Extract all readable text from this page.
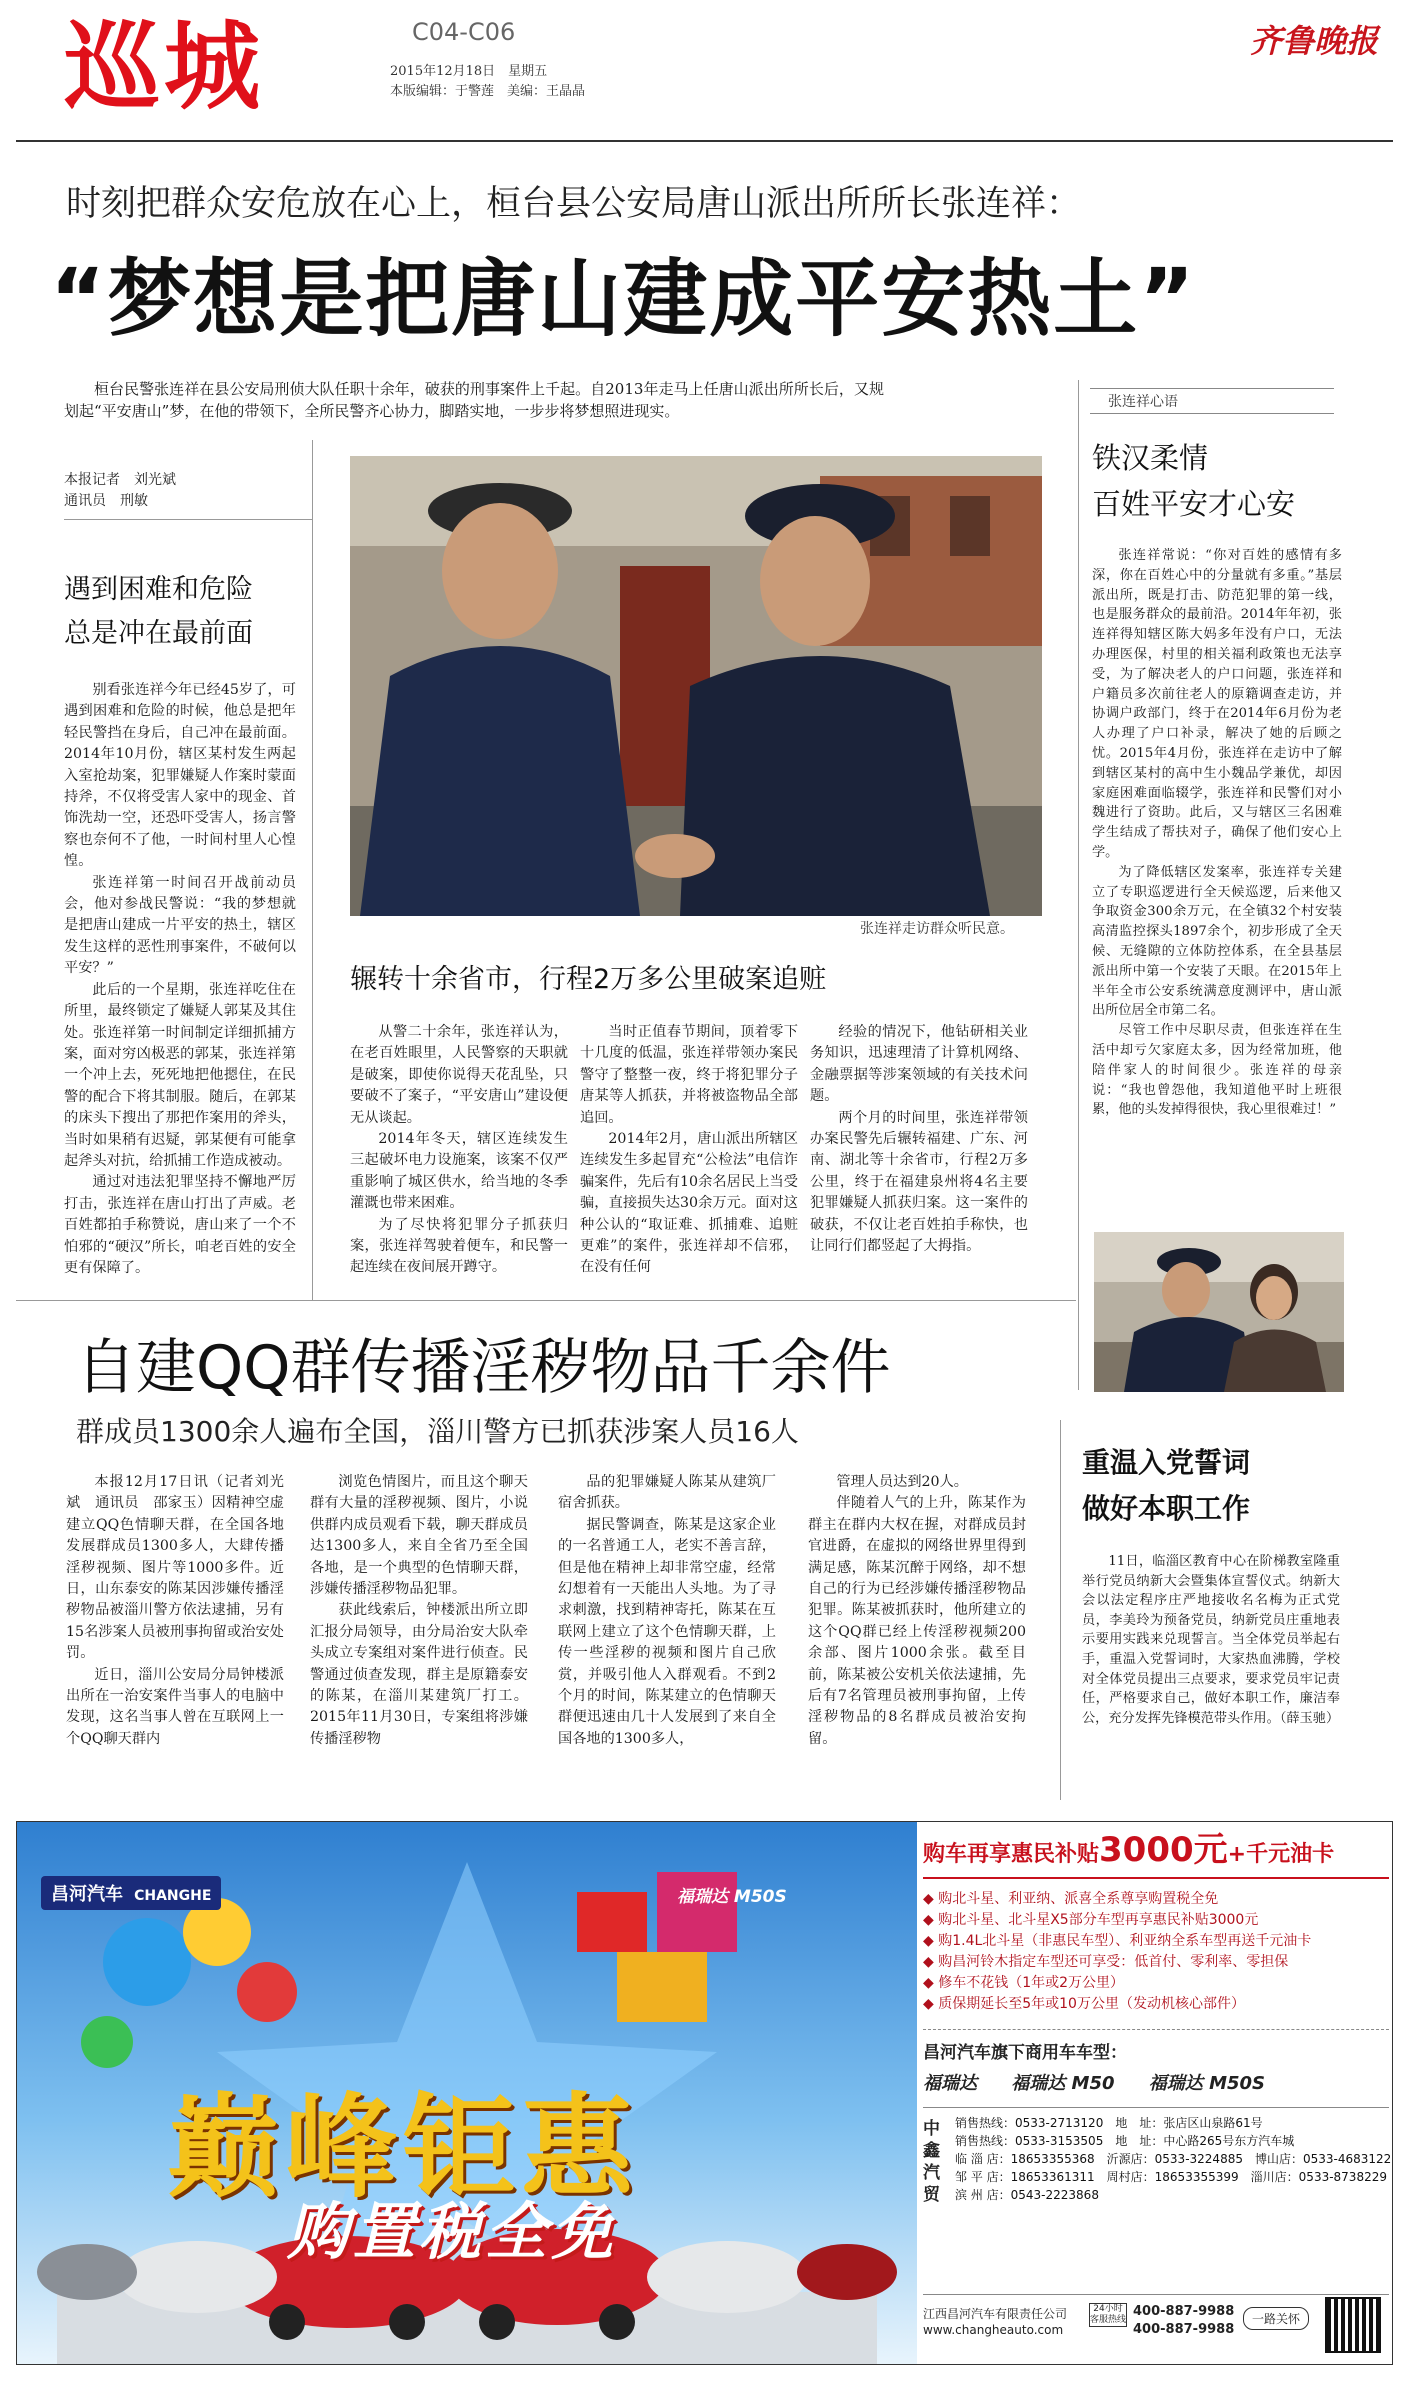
巡城	C04-C06
2015年12月18日　星期五
本版编辑：于警莲　美编：王晶晶
齐鲁晚报
时刻把群众安危放在心上，桓台县公安局唐山派出所所长张连祥：
“梦想是把唐山建成平安热土”
桓台民警张连祥在县公安局刑侦大队任职十余年，破获的刑事案件上千起。自2013年走马上任唐山派出所所长后，又规划起“平安唐山”梦，在他的带领下，全所民警齐心协力，脚踏实地，一步步将梦想照进现实。
本报记者　刘光斌
通讯员　刑敏
遇到困难和危险
总是冲在最前面

别看张连祥今年已经45岁了，可遇到困难和危险的时候，他总是把年轻民警挡在身后，自己冲在最前面。2014年10月份，辖区某村发生两起入室抢劫案，犯罪嫌疑人作案时蒙面持斧，不仅将受害人家中的现金、首饰洗劫一空，还恐吓受害人，扬言警察也奈何不了他，一时间村里人心惶惶。

张连祥第一时间召开战前动员会，他对参战民警说：“我的梦想就是把唐山建成一片平安的热土，辖区发生这样的恶性刑事案件，不破何以平安？”

此后的一个星期，张连祥吃住在所里，最终锁定了嫌疑人郭某及其住处。张连祥第一时间制定详细抓捕方案，面对穷凶极恶的郭某，张连祥第一个冲上去，死死地把他摁住，在民警的配合下将其制服。随后，在郭某的床头下搜出了那把作案用的斧头，当时如果稍有迟疑，郭某便有可能拿起斧头对抗，给抓捕工作造成被动。

通过对违法犯罪坚持不懈地严厉打击，张连祥在唐山打出了声威。老百姓都拍手称赞说，唐山来了一个不怕邪的“硬汉”所长，咱老百姓的安全更有保障了。

张连祥走访群众听民意。
辗转十余省市，行程2万多公里破案追赃

从警二十余年，张连祥认为，在老百姓眼里，人民警察的天职就是破案，即使你说得天花乱坠，只要破不了案子，“平安唐山”建设便无从谈起。

2014年冬天，辖区连续发生三起破坏电力设施案，该案不仅严重影响了城区供水，给当地的冬季灌溉也带来困难。

为了尽快将犯罪分子抓获归案，张连祥驾驶着便车，和民警一起连续在夜间展开蹲守。

当时正值春节期间，顶着零下十几度的低温，张连祥带领办案民警守了整整一夜，终于将犯罪分子唐某等人抓获，并将被盗物品全部追回。

2014年2月，唐山派出所辖区连续发生多起冒充“公检法”电信诈骗案件，先后有10余名居民上当受骗，直接损失达30余万元。面对这种公认的“取证难、抓捕难、追赃更难”的案件，张连祥却不信邪，在没有任何

经验的情况下，他钻研相关业务知识，迅速理清了计算机网络、金融票据等涉案领域的有关技术问题。

两个月的时间里，张连祥带领办案民警先后辗转福建、广东、河南、湖北等十余省市，行程2万多公里，终于在福建泉州将4名主要犯罪嫌疑人抓获归案。这一案件的破获，不仅让老百姓拍手称快，也让同行们都竖起了大拇指。

张连祥心语
铁汉柔情
百姓平安才心安

张连祥常说：“你对百姓的感情有多深，你在百姓心中的分量就有多重。”基层派出所，既是打击、防范犯罪的第一线，也是服务群众的最前沿。2014年年初，张连祥得知辖区陈大妈多年没有户口，无法办理医保，村里的相关福利政策也无法享受，为了解决老人的户口问题，张连祥和户籍员多次前往老人的原籍调查走访，并协调户政部门，终于在2014年6月份为老人办理了户口补录，解决了她的后顾之忧。2015年4月份，张连祥在走访中了解到辖区某村的高中生小魏品学兼优，却因家庭困难面临辍学，张连祥和民警们对小魏进行了资助。此后，又与辖区三名困难学生结成了帮扶对子，确保了他们安心上学。

为了降低辖区发案率，张连祥专关建立了专职巡逻进行全天候巡逻，后来他又争取资金300余万元，在全镇32个村安装高清监控探头1897余个，初步形成了全天候、无缝隙的立体防控体系，在全县基层派出所中第一个安装了天眼。在2015年上半年全市公安系统满意度测评中，唐山派出所位居全市第二名。

尽管工作中尽职尽责，但张连祥在生活中却亏欠家庭太多，因为经常加班，他陪伴家人的时间很少。张连祥的母亲说：“我也曾怨他，我知道他平时上班很累，他的头发掉得很快，我心里很难过！”

自建QQ群传播淫秽物品千余件
群成员1300余人遍布全国，淄川警方已抓获涉案人员16人

本报12月17日讯（记者刘光斌　通讯员　邵家玉）因精神空虚建立QQ色情聊天群，在全国各地发展群成员1300多人，大肆传播淫秽视频、图片等1000多件。近日，山东泰安的陈某因涉嫌传播淫秽物品被淄川警方依法逮捕，另有15名涉案人员被刑事拘留或治安处罚。

近日，淄川公安局分局钟楼派出所在一治安案件当事人的电脑中发现，这名当事人曾在互联网上一个QQ聊天群内

浏览色情图片，而且这个聊天群有大量的淫秽视频、图片，小说供群内成员观看下载，聊天群成员达1300多人，来自全省乃至全国各地，是一个典型的色情聊天群，涉嫌传播淫秽物品犯罪。

获此线索后，钟楼派出所立即汇报分局领导，由分局治安大队牵头成立专案组对案件进行侦查。民警通过侦查发现，群主是原籍泰安的陈某，在淄川某建筑厂打工。2015年11月30日，专案组将涉嫌传播淫秽物

品的犯罪嫌疑人陈某从建筑厂宿舍抓获。

据民警调查，陈某是这家企业的一名普通工人，老实不善言辞，但是他在精神上却非常空虚，经常幻想着有一天能出人头地。为了寻求刺激，找到精神寄托，陈某在互联网上建立了这个色情聊天群，上传一些淫秽的视频和图片自己欣赏，并吸引他人入群观看。不到2个月的时间，陈某建立的色情聊天群便迅速由几十人发展到了来自全国各地的1300多人，

管理人员达到20人。

伴随着人气的上升，陈某作为群主在群内大权在握，对群成员封官进爵，在虚拟的网络世界里得到满足感，陈某沉醉于网络，却不想自己的行为已经涉嫌传播淫秽物品犯罪。陈某被抓获时，他所建立的这个QQ群已经上传淫秽视频200余部、图片1000余张。截至目前，陈某被公安机关依法逮捕，先后有7名管理员被刑事拘留，上传淫秽物品的8名群成员被治安拘留。

重温入党誓词
做好本职工作

11日，临淄区教育中心在阶梯教室隆重举行党员纳新大会暨集体宣誓仪式。纳新大会以法定程序庄严地接收名名梅为正式党员，李美玲为预备党员，纳新党员庄重地表示要用实践来兑现誓言。当全体党员举起右手，重温入党誓词时，大家热血沸腾，学校对全体党员提出三点要求，要求党员牢记责任，严格要求自己，做好本职工作，廉洁奉公，充分发挥先锋模范带头作用。（薛玉驰）

昌河汽车 CHANGHE	福瑞达 M50S
巅峰钜惠
购置税全免
购车再享惠民补贴3000元+千元油卡
◆ 购北斗星、利亚纳、派喜全系尊享购置税全免
◆ 购北斗星、北斗星X5部分车型再享惠民补贴3000元
◆ 购1.4L北斗星（非惠民车型）、利亚纳全系车型再送千元油卡
◆ 购昌河铃木指定车型还可享受：低首付、零利率、零担保
◆ 修车不花钱（1年或2万公里）
◆ 质保期延长至5年或10万公里（发动机核心部件）
昌河汽车旗下商用车车型：
福瑞达 福瑞达 M50 福瑞达 M50S
中鑫汽贸
销售热线：0533-2713120　 地　址：张店区山泉路61号
销售热线：0533-3153505　 地　址：中心路265号东方汽车城
临 淄 店：18653355368　 沂源店：0533-3224885　 博山店：0533-4683122
邹 平 店：18653361311　 周村店：18653355399　 淄川店：0533-8738229
滨 州 店：0543-2223868
江西昌河汽车有限责任公司
www.changheauto.com
24小时客服热线
400-887-9988
400-887-9988
一路关怀
